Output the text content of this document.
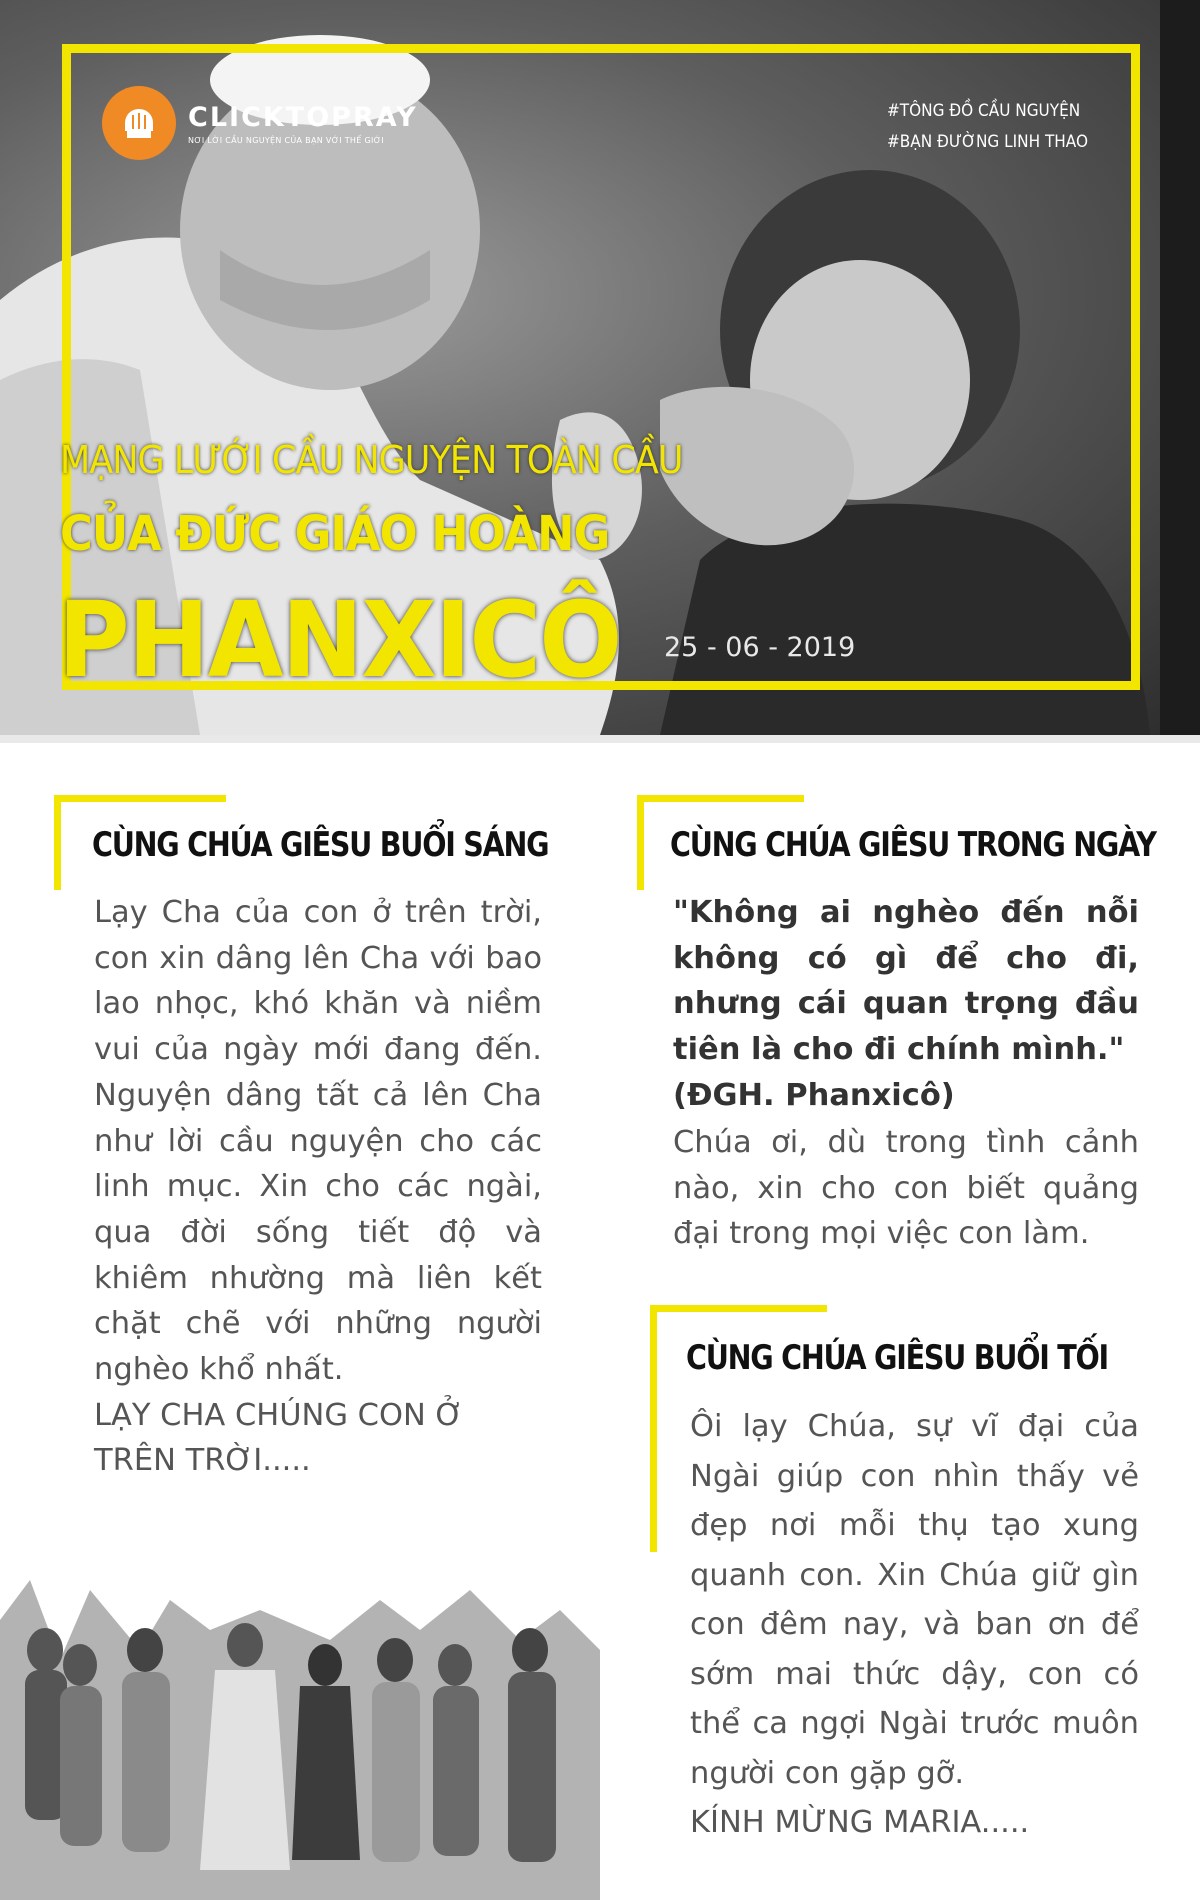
CLICKTOPRAY
NƠI LỜI CẦU NGUYỆN CỦA BẠN VỚI THẾ GIỚI
#TÔNG ĐỒ CẦU NGUYỆN
#BẠN ĐƯỜNG LINH THAO
MẠNG LƯỚI CẦU NGUYỆN TOÀN CẦU
CỦA ĐỨC GIÁO HOÀNG
PHANXICÔ 25 - 06 - 2019
CÙNG CHÚA GIÊSU BUỔI SÁNG

Lạy Cha của con ở trên trời, con xin dâng lên Cha với bao lao nhọc, khó khăn và niềm vui của ngày mới đang đến. Nguyện dâng tất cả lên Cha như lời cầu nguyện cho các linh mục. Xin cho các ngài, qua đời sống tiết độ và khiêm nhường mà liên kết chặt chẽ với những người nghèo khổ nhất.

LẠY CHA CHÚNG CON Ở TRÊN TRỜI.....

CÙNG CHÚA GIÊSU TRONG NGÀY

"Không ai nghèo đến nỗi không có gì để cho đi, nhưng cái quan trọng đầu tiên là cho đi chính mình."

(ĐGH. Phanxicô)

Chúa ơi, dù trong tình cảnh nào, xin cho con biết quảng đại trong mọi việc con làm.

CÙNG CHÚA GIÊSU BUỔI TỐI

Ôi lạy Chúa, sự vĩ đại của Ngài giúp con nhìn thấy vẻ đẹp nơi mỗi thụ tạo xung quanh con. Xin Chúa giữ gìn con đêm nay, và ban ơn để sớm mai thức dậy, con có thể ca ngợi Ngài trước muôn người con gặp gỡ.

KÍNH MỪNG MARIA.....
